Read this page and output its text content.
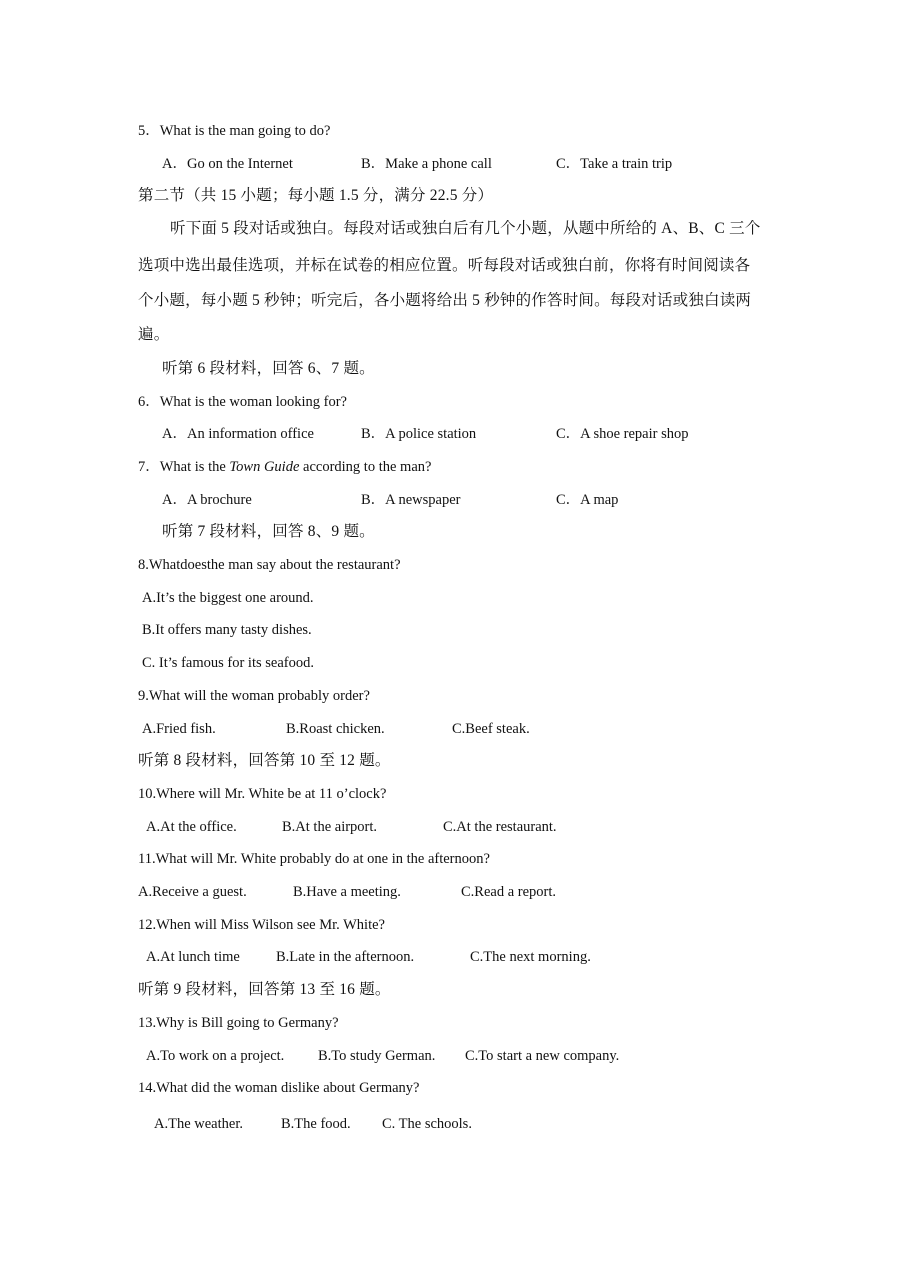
5．What is the man going to do?
A．Go on the Internet	B．Make a phone call	C．Take a train trip
第二节（共 15 小题；每小题 1.5 分，满分 22.5 分）
听下面 5 段对话或独白。每段对话或独白后有几个小题，从题中所给的 A、B、C 三个
选项中选出最佳选项，并标在试卷的相应位置。听每段对话或独白前，你将有时间阅读各
个小题，每小题 5 秒钟；听完后，各小题将给出 5 秒钟的作答时间。每段对话或独白读两
遍。
听第 6 段材料，回答 6、7 题。
6．What is the woman looking for?
A．An information office	B．A police station	C．A shoe repair shop
7．What is the Town Guide according to the man?
A．A brochure	B．A newspaper	C．A map
听第 7 段材料，回答 8、9 题。
8.Whatdoesthe man say about the restaurant?
A.It’s the biggest one around.
B.It offers many tasty dishes.
C. It’s famous for its seafood.
9.What will the woman probably order?
A.Fried fish.	B.Roast chicken.	C.Beef steak.
听第 8 段材料，回答第 10 至 12 题。
10.Where will Mr. White be at 11 o’clock?
A.At the office.	B.At the airport.	C.At the restaurant.
11.What will Mr. White probably do at one in the afternoon?
A.Receive a guest.	B.Have a meeting.	C.Read a report.
12.When will Miss Wilson see Mr. White?
A.At lunch time B.Late in the afternoon.	C.The next morning.
听第 9 段材料，回答第 13 至 16 题。
13.Why is Bill going to Germany?
A.To work on a project. B.To study German. C.To start a new company.
14.What did the woman dislike about Germany?
A.The weather.	B.The food. C. The schools.
